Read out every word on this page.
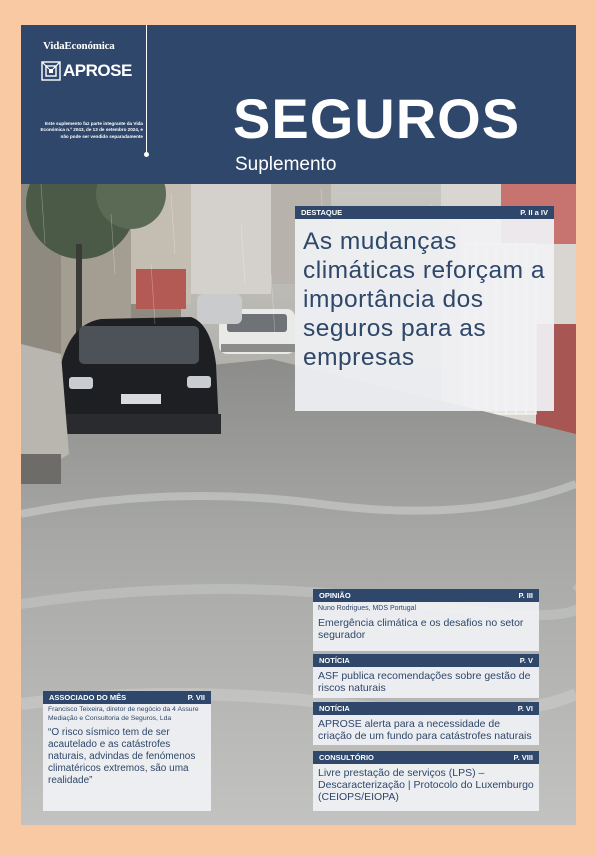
VidaEconómica
APROSE
Este suplemento faz parte integrante da Vida Económica n.º 2043, de 13 de setembro 2024, e não pode ser vendido separadamente SEGUROS
Suplemento
DESTAQUE	P. II a IV
As mudanças climáticas reforçam a importância dos seguros para as empresas
OPINIÃO	P. III
Nuno Rodrigues, MDS Portugal
Emergência climática e os desafios no setor segurador
NOTÍCIA	P. V
ASF publica recomendações sobre gestão de riscos naturais
NOTÍCIA	P. VI
APROSE alerta para a necessidade de criação de um fundo para catástrofes naturais
CONSULTÓRIO	P. VIII
Livre prestação de serviços (LPS) – Descaracterização | Protocolo do Luxemburgo (CEIOPS/EIOPA)
ASSOCIADO DO MÊS	P. VII
Francisco Teixeira, diretor de negócio da 4 Assure Mediação e Consultoria de Seguros, Lda
“O risco sísmico tem de ser acautelado e as catástrofes naturais, advindas de fenómenos climatéricos extremos, são uma realidade”
